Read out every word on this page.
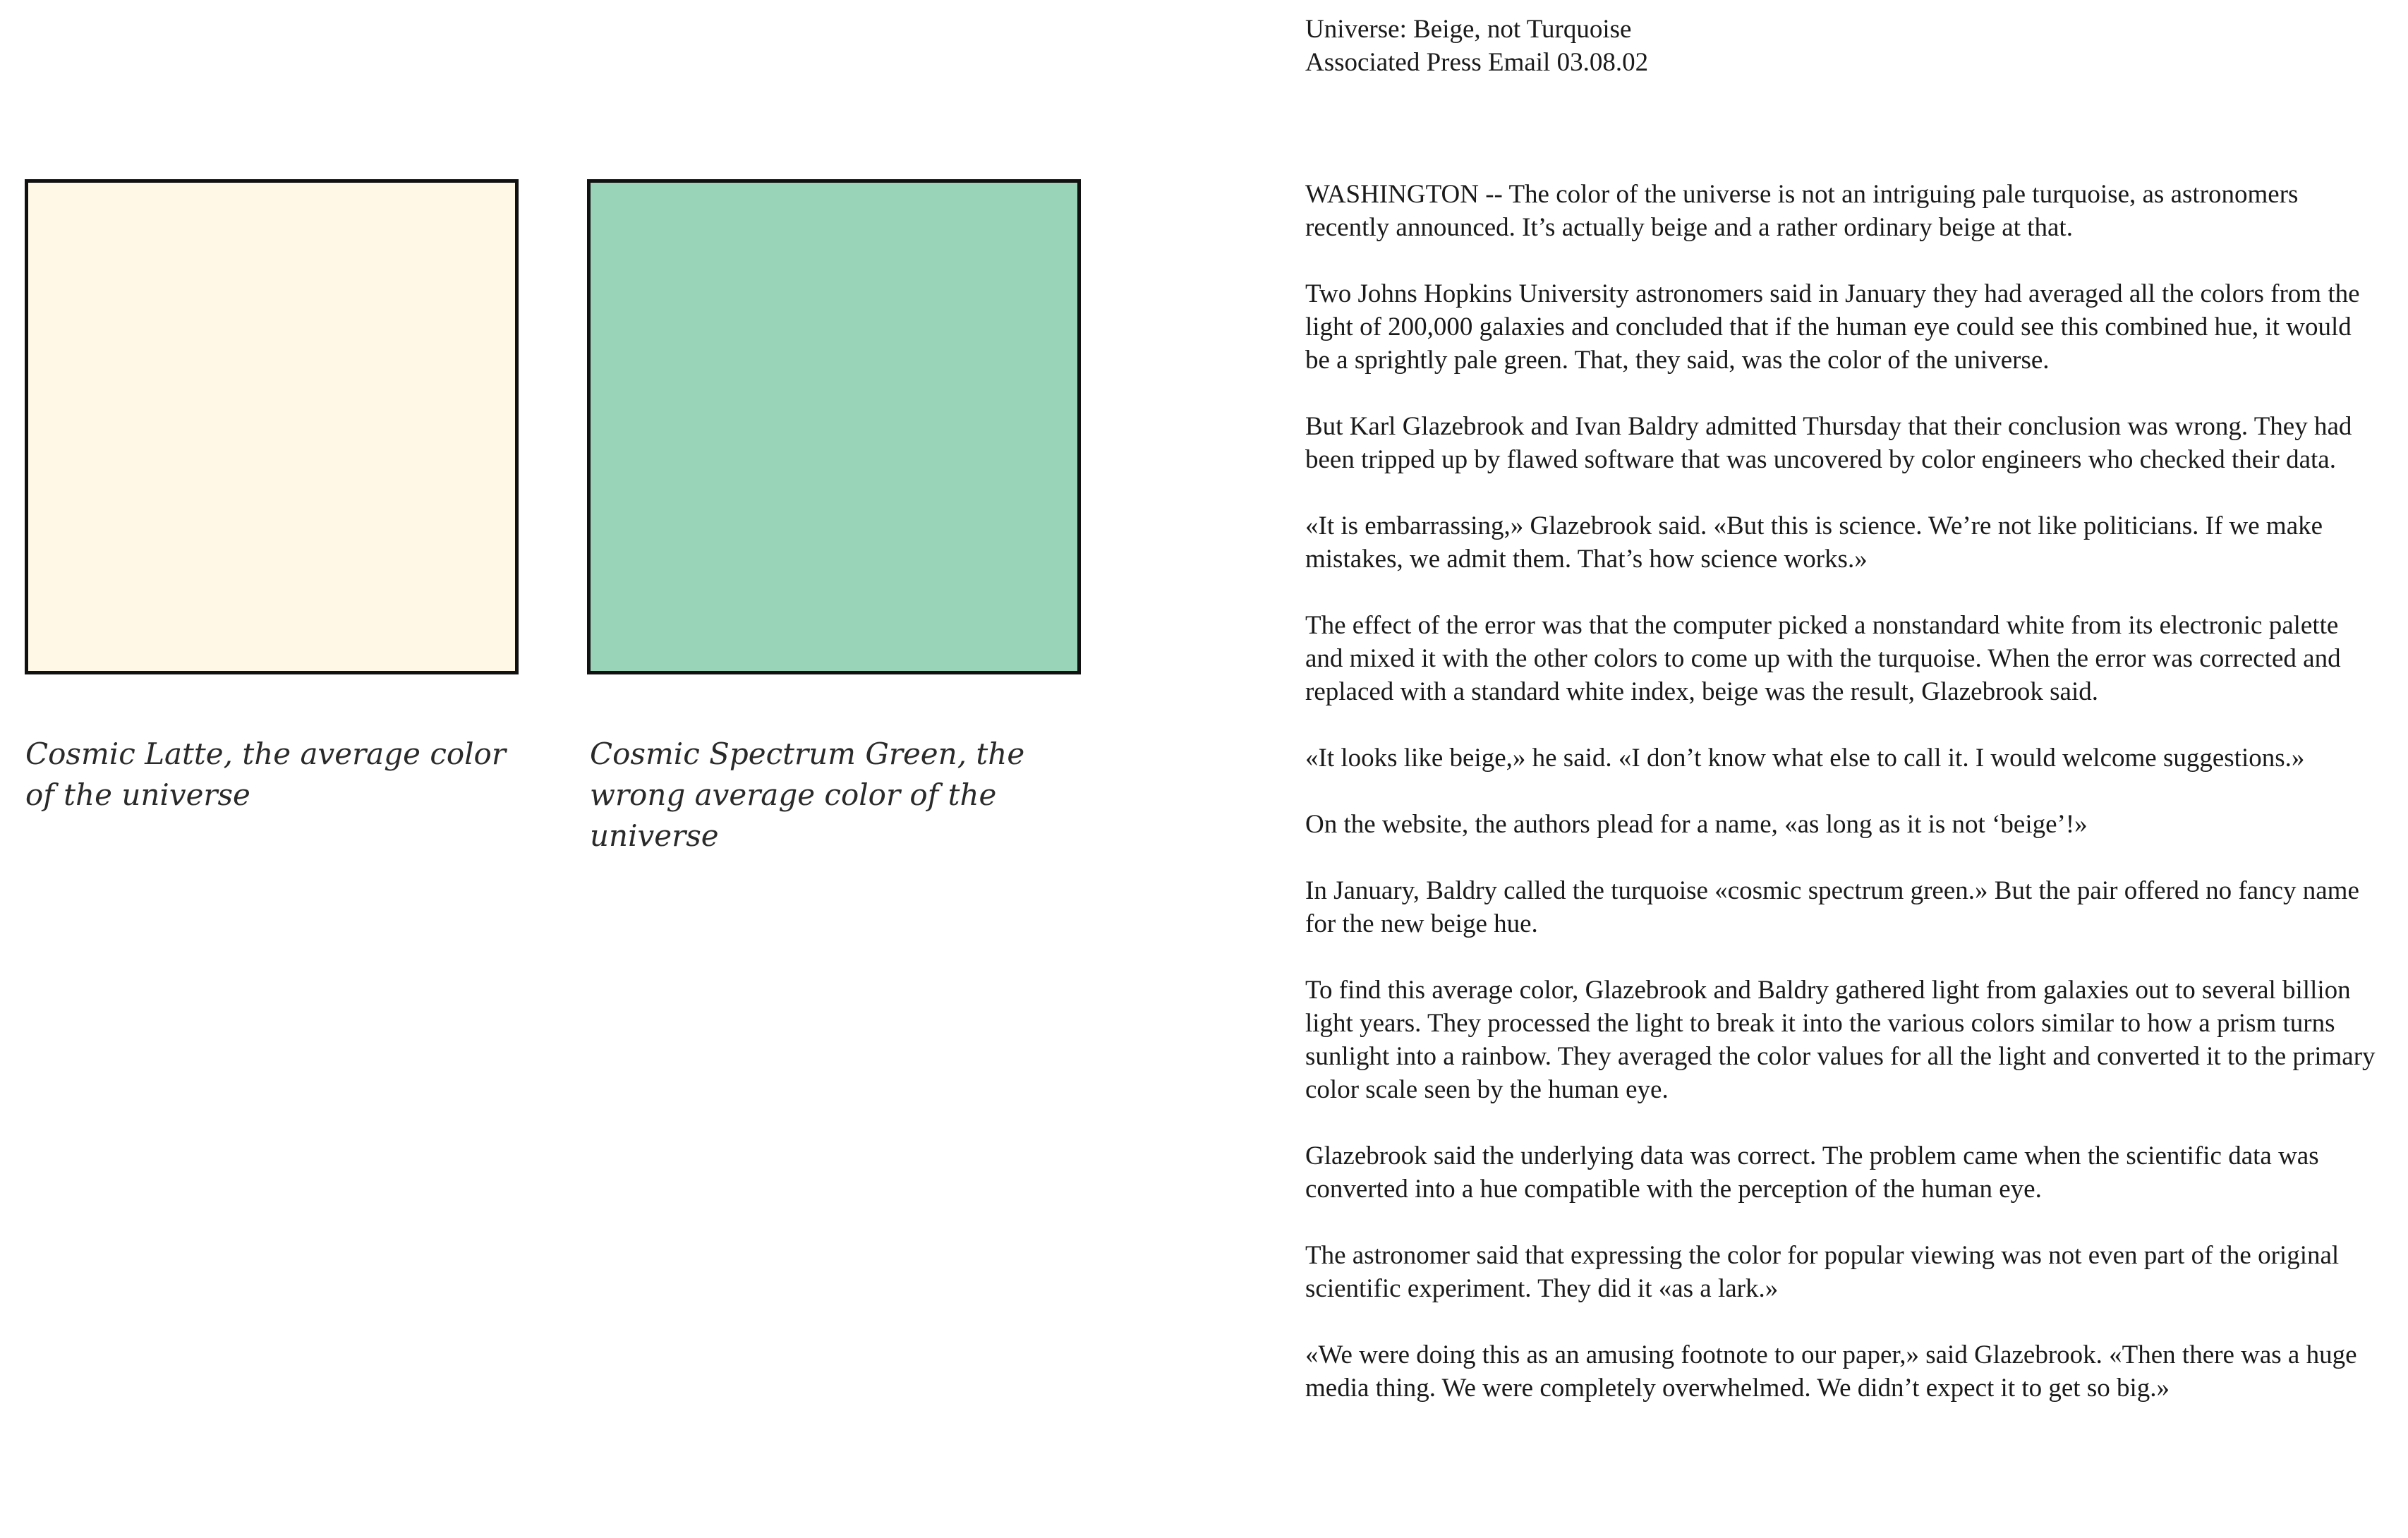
Cosmic Latte, the average color of the universe

Cosmic Spectrum Green, the wrong average color of the universe

Universe: Beige, not Turquoise
Associated Press Email 03.08.02

WASHINGTON -- The color of the universe is not an intriguing pale turquoise, as astronomers recently announced. It’s actually beige and a rather ordinary beige at that.

Two Johns Hopkins University astronomers said in January they had averaged all the colors from the light of 200,000 galaxies and concluded that if the human eye could see this combined hue, it would be a sprightly pale green. That, they said, was the color of the universe.

But Karl Glazebrook and Ivan Baldry admitted Thursday that their conclusion was wrong. They had been tripped up by flawed software that was uncovered by color engineers who checked their data.

«It is embarrassing,» Glazebrook said. «But this is science. We’re not like politicians. If we make mistakes, we admit them. That’s how science works.»

The effect of the error was that the computer picked a nonstandard white from its electronic palette and mixed it with the other colors to come up with the turquoise. When the error was corrected and replaced with a standard white index, beige was the result, Glazebrook said.

«It looks like beige,» he said. «I don’t know what else to call it. I would welcome suggestions.»

On the website, the authors plead for a name, «as long as it is not ‘beige’!»

In January, Baldry called the turquoise «cosmic spectrum green.» But the pair offered no fancy name for the new beige hue.

To find this average color, Glazebrook and Baldry gathered light from galaxies out to several billion light years. They processed the light to break it into the various colors similar to how a prism turns sunlight into a rainbow. They averaged the color values for all the light and converted it to the primary color scale seen by the human eye.

Glazebrook said the underlying data was correct. The problem came when the scientific data was converted into a hue compatible with the perception of the human eye.

The astronomer said that expressing the color for popular viewing was not even part of the original scientific experiment. They did it «as a lark.»

«We were doing this as an amusing footnote to our paper,» said Glazebrook. «Then there was a huge media thing. We were completely overwhelmed. We didn’t expect it to get so big.»
